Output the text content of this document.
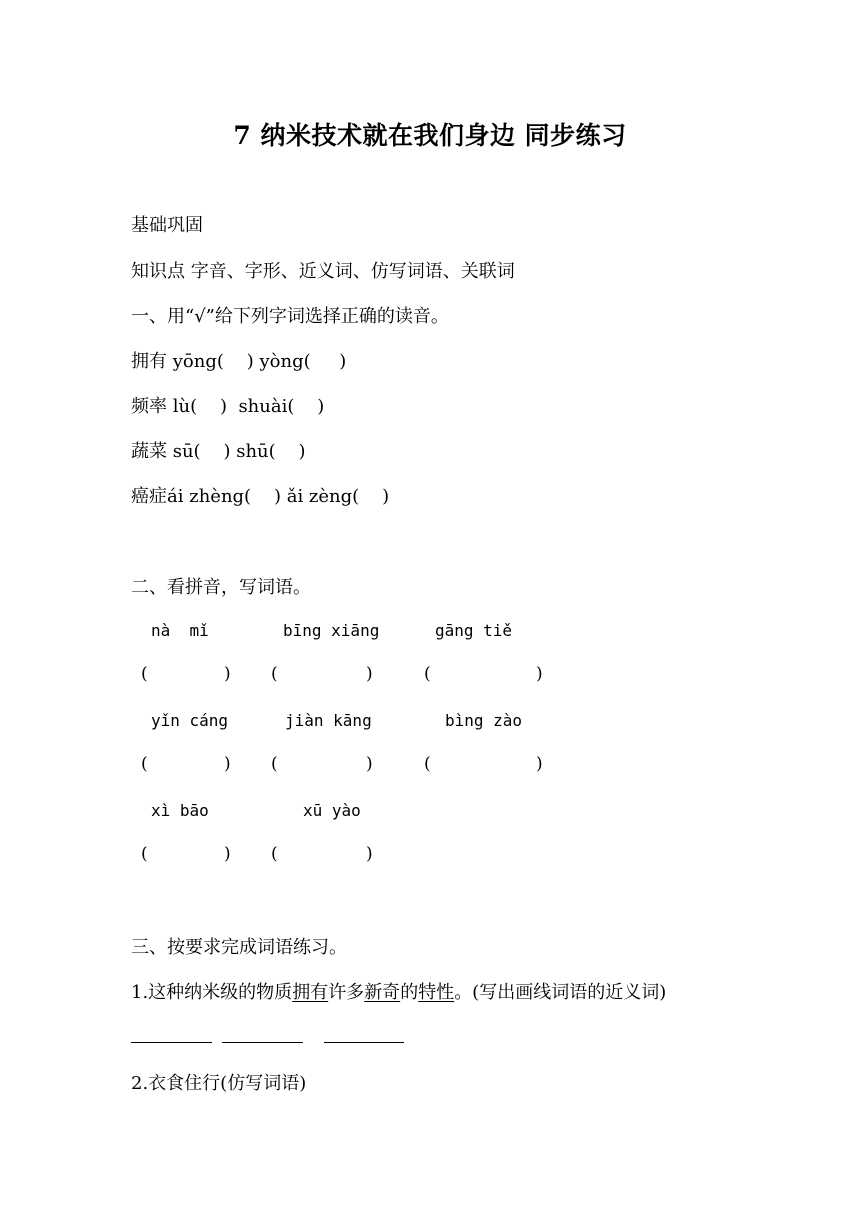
7 纳米技术就在我们身边 同步练习
基础巩固
知识点 字音、字形、近义词、仿写词语、关联词
一、用“√”给下列字词选择正确的读音。
拥有 yōng(    ) yòng(     )
频率 lù(    )  shuài(    )
蔬菜 sū(    ) shū(    )
癌症ái zhèng(    ) ǎi zèng(    )
二、看拼音，写词语。
nà  mǐ	bīng xiāng	gāng tiě
(	) (	)	(	)
yǐn cáng	jiàn kāng	bìng zào
(	) (	)	(	)
xì bāo	xū yào
(	) (	)
三、按要求完成词语练习。
1.这种纳米级的物质拥有许多新奇的特性。(写出画线词语的近义词)
2.衣食住行(仿写词语)
